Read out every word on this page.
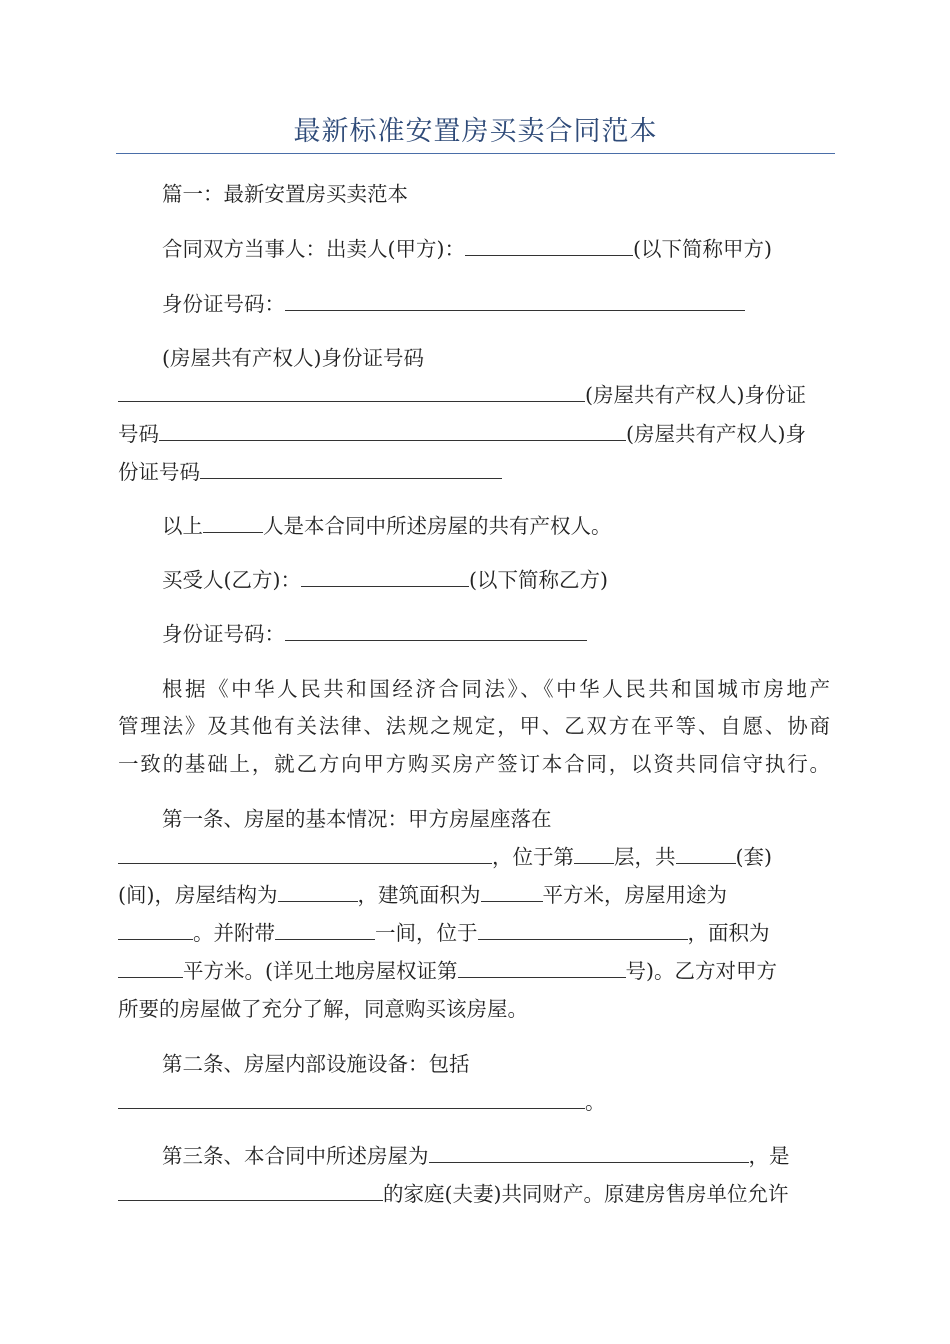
最新标准安置房买卖合同范本
篇一：最新安置房买卖范本
合同双方当事人：出卖人(甲方)：	(以下简称甲方)
身份证号码：
(房屋共有产权人)身份证号码
(房屋共有产权人)身份证
号码	(房屋共有产权人)身
份证号码
以上	人是本合同中所述房屋的共有产权人。
买受人(乙方)：	(以下简称乙方)
身份证号码：
根据《中华人民共和国经济合同法》、《中华人民共和国城市房地产
管理法》及其他有关法律、法规之规定，甲、乙双方在平等、自愿、协商
一致的基础上，就乙方向甲方购买房产签订本合同，以资共同信守执行。
第一条、房屋的基本情况：甲方房屋座落在
，位于第 层，共	(套)
(间)，房屋结构为	，建筑面积为	平方米，房屋用途为
。并附带	一间，位于	，面积为
平方米。(详见土地房屋权证第	号)。乙方对甲方
所要的房屋做了充分了解，同意购买该房屋。
第二条、房屋内部设施设备：包括
。
第三条、本合同中所述房屋为	，是
的家庭(夫妻)共同财产。原建房售房单位允许
